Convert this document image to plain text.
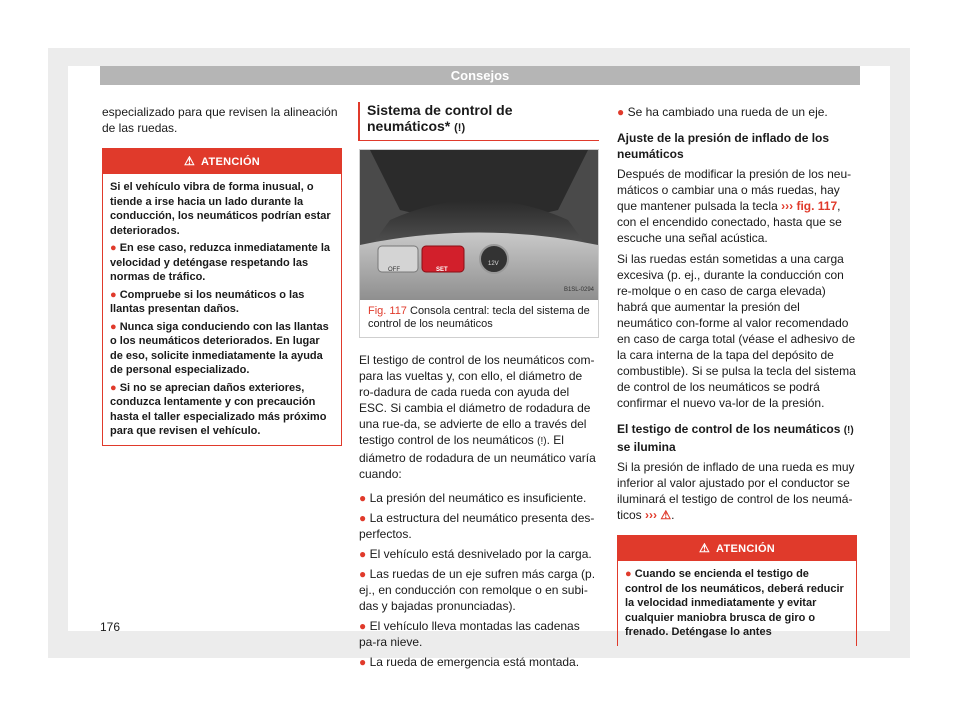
Consejos

especializado para que revisen la alineación de las ruedas.

⚠ ATENCIÓN

Si el vehículo vibra de forma inusual, o tiende a irse hacia un lado durante la conducción, los neumáticos podrían estar deteriorados.

● En ese caso, reduzca inmediatamente la velocidad y deténgase respetando las normas de tráfico.

● Compruebe si los neumáticos o las llantas presentan daños.

● Nunca siga conduciendo con las llantas o los neumáticos deteriorados. En lugar de eso, solicite inmediatamente la ayuda de personal especializado.

● Si no se aprecian daños exteriores, conduzca lentamente y con precaución hasta el taller especializado más próximo para que revisen el vehículo.

Sistema de control de neumáticos* (!)
OFF	SET
12V
B1SL-0294
Fig. 117 Consola central: tecla del sistema de control de los neumáticos

El testigo de control de los neumáticos com-para las vueltas y, con ello, el diámetro de ro-dadura de cada rueda con ayuda del ESC. Si cambia el diámetro de rodadura de una rue-da, se advierte de ello a través del testigo control de los neumáticos (!). El diámetro de rodadura de un neumático varía cuando:

● La presión del neumático es insuficiente.
● La estructura del neumático presenta des-perfectos.
● El vehículo está desnivelado por la carga.
● Las ruedas de un eje sufren más carga (p. ej., en conducción con remolque o en subi-das y bajadas pronunciadas).
● El vehículo lleva montadas las cadenas pa-ra nieve.
● La rueda de emergencia está montada.
● Se ha cambiado una rueda de un eje.
Ajuste de la presión de inflado de los neumáticos

Después de modificar la presión de los neu-máticos o cambiar una o más ruedas, hay que mantener pulsada la tecla ››› fig. 117, con el encendido conectado, hasta que se escuche una señal acústica.

Si las ruedas están sometidas a una carga excesiva (p. ej., durante la conducción con re-molque o en caso de carga elevada) habrá que aumentar la presión del neumático con-forme al valor recomendado en caso de carga total (véase el adhesivo de la cara interna de la tapa del depósito de combustible). Si se pulsa la tecla del sistema de control de los neumáticos se podrá confirmar el nuevo va-lor de la presión.

El testigo de control de los neumáticos (!) se ilumina

Si la presión de inflado de una rueda es muy inferior al valor ajustado por el conductor se iluminará el testigo de control de los neumá-ticos ››› ⚠.

⚠ ATENCIÓN

● Cuando se encienda el testigo de control de los neumáticos, deberá reducir la velocidad inmediatamente y evitar cualquier maniobra brusca de giro o frenado. Deténgase lo antes

176
